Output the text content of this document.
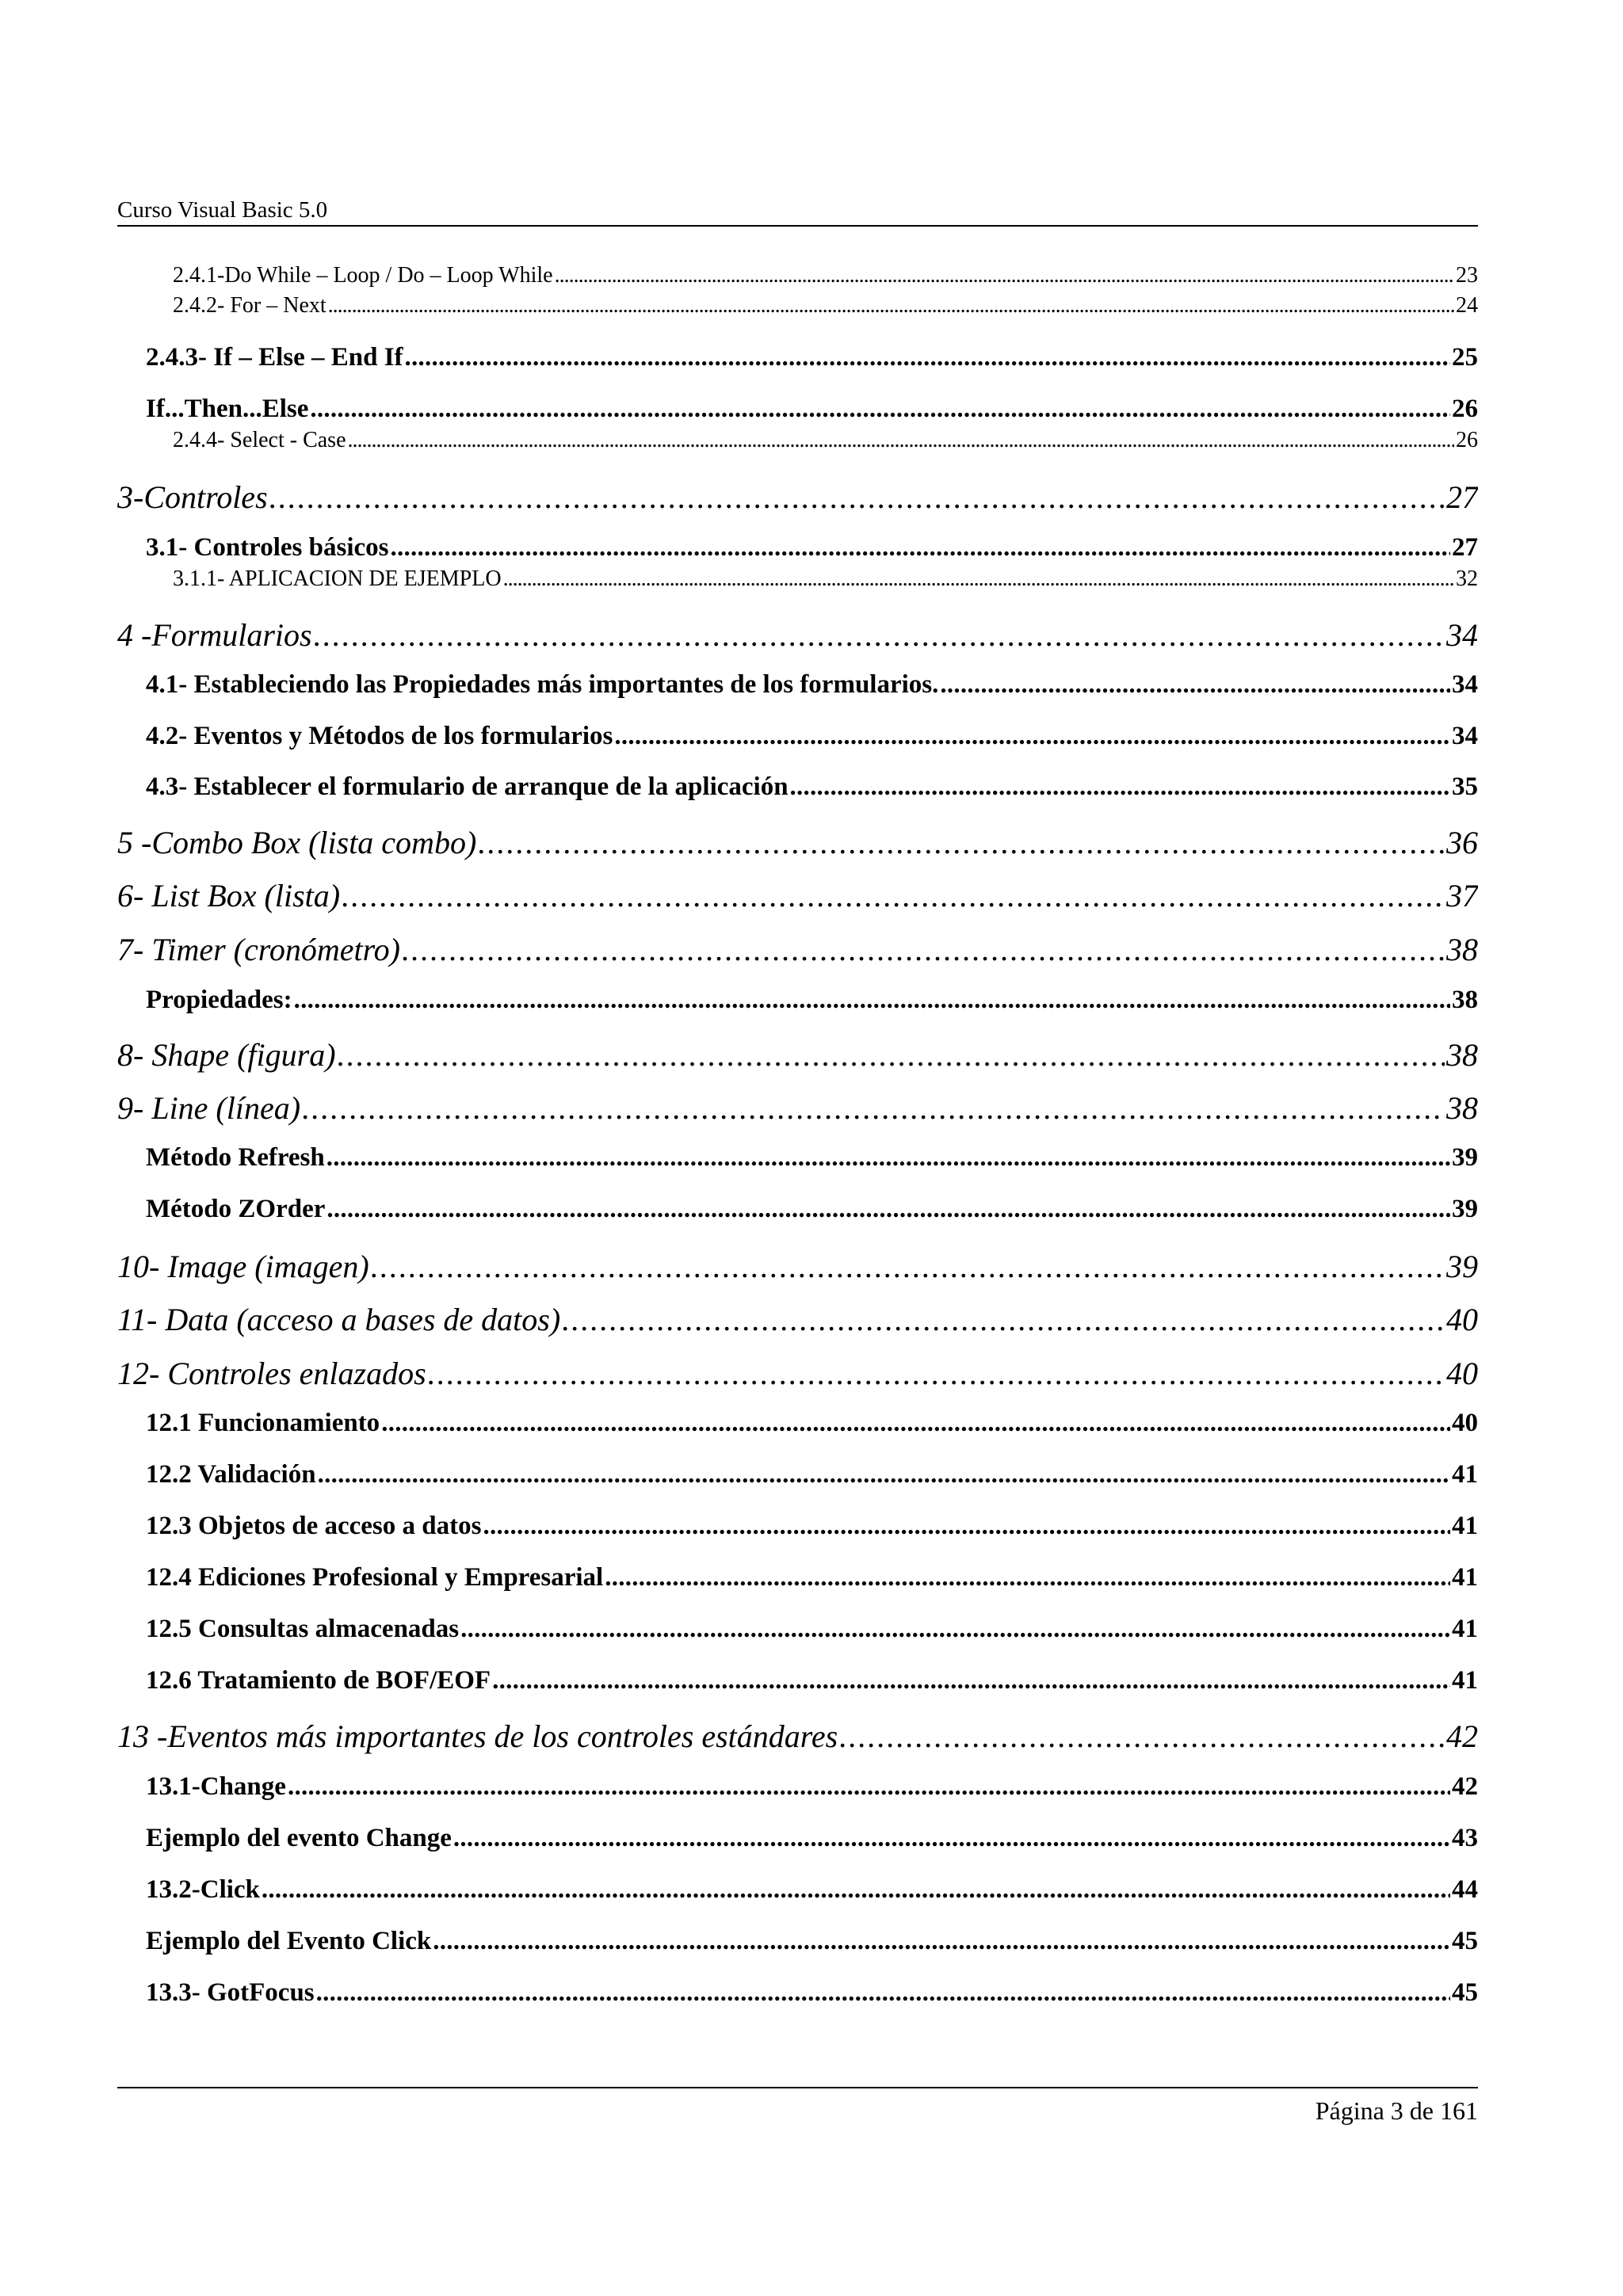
Curso Visual Basic 5.0
2.4.1-Do While – Loop / Do – Loop While . . .	23
2.4.2- For – Next . . .	24
2.4.3- If – Else – End If . . .	25
If...Then...Else . . .	26
2.4.4- Select - Case . . .	26
3-Controles . . .	27
3.1- Controles básicos . . .	27
3.1.1- APLICACION DE EJEMPLO . . .	32
4 -Formularios . . .	34
4.1- Estableciendo las Propiedades más importantes de los formularios. . . .	34
4.2- Eventos y Métodos de los formularios . . .	34
4.3- Establecer el formulario de arranque de la aplicación . . .	35
5 -Combo Box (lista combo) . . .	36
6- List Box (lista) . . .	37
7- Timer (cronómetro) . . .	38
Propiedades: . . .	38
8- Shape (figura) . . .	38
9- Line (línea) . . .	38
Método Refresh . . .	39
Método ZOrder . . .	39
10- Image (imagen) . . .	39
11- Data (acceso a bases de datos) . . .	40
12- Controles enlazados . . .	40
12.1 Funcionamiento . . .	40
12.2 Validación . . .	41
12.3 Objetos de acceso a datos . . .	41
12.4 Ediciones Profesional y Empresarial . . .	41
12.5 Consultas almacenadas . . .	41
12.6 Tratamiento de BOF/EOF . . .	41
13 -Eventos más importantes de los controles estándares . . .	42
13.1-Change . . .	42
Ejemplo del evento Change . . .	43
13.2-Click . . .	44
Ejemplo del Evento Click . . .	45
13.3- GotFocus . . .	45
Página 3 de 161
